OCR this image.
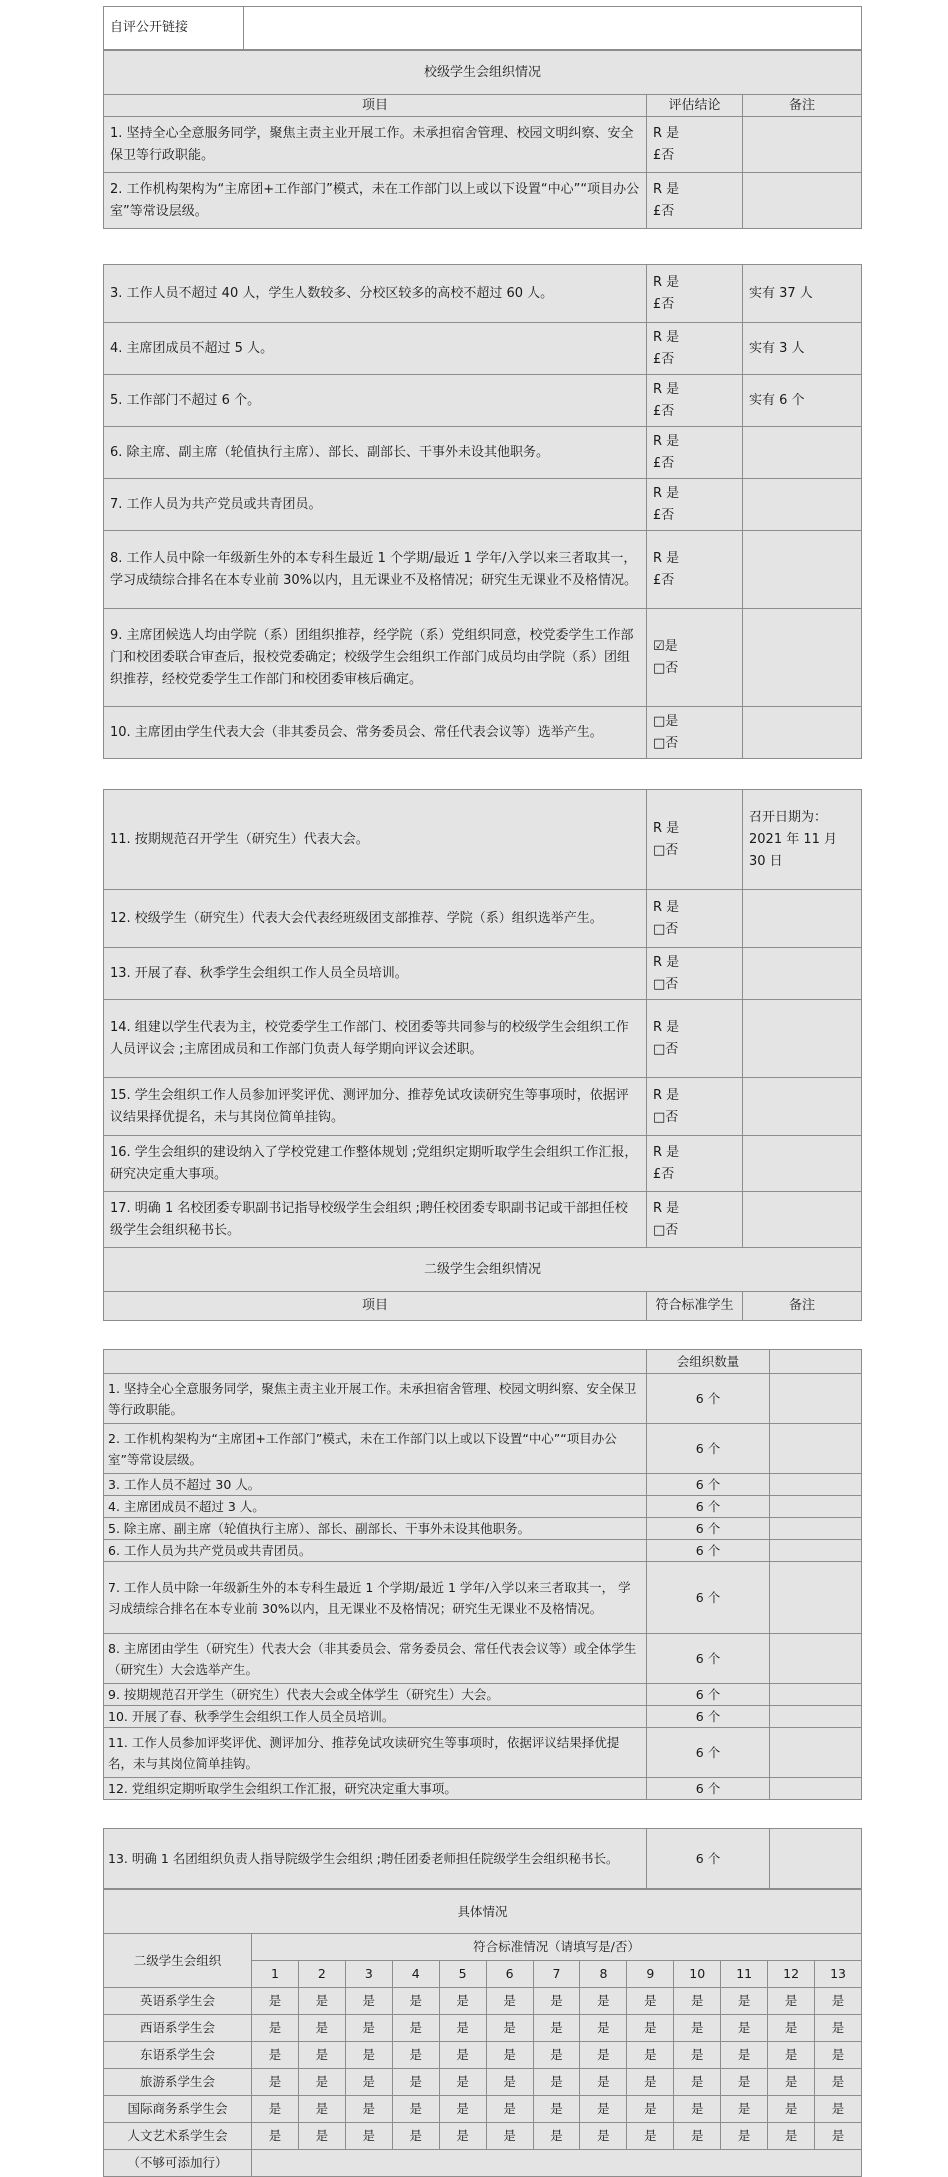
自评公开链接	
校级学生会组织情况		
项目	评估结论	备注
1. 坚持全心全意服务同学，聚焦主责主业开展工作。未承担宿舍管理、校园文明纠察、安全保卫等行政职能。	R 是
£否	

2. 工作机构架构为“主席团+工作部门”模式，未在工作部门以上或以下设置“中心”“项目办公室”等常设层级。	R 是
£否	

3. 工作人员不超过 40 人，学生人数较多、分校区较多的高校不超过 60 人。	R 是
£否	实有 37 人
4. 主席团成员不超过 5 人。	R 是
£否	实有 3 人
5. 工作部门不超过 6 个。	R 是
£否	实有 6 个
6. 除主席、副主席（轮值执行主席）、部长、副部长、干事外未设其他职务。	R 是
£否	

7. 工作人员为共产党员或共青团员。	R 是
£否	

8. 工作人员中除一年级新生外的本专科生最近 1 个学期/最近 1 学年/入学以来三者取其一， 学习成绩综合排名在本专业前 30%以内，且无课业不及格情况；研究生无课业不及格情况。	R 是
£否	

9. 主席团候选人均由学院（系）团组织推荐，经学院（系）党组织同意，校党委学生工作部门和校团委联合审查后，报校党委确定；校级学生会组织工作部门成员均由学院（系）团组织推荐，经校党委学生工作部门和校团委审核后确定。	☑是
□否	

10. 主席团由学生代表大会（非其委员会、常务委员会、常任代表会议等）选举产生。	□是
□否	

11. 按期规范召开学生（研究生）代表大会。	R 是
□否	召开日期为：2021 年 11 月 30 日
12. 校级学生（研究生）代表大会代表经班级团支部推荐、学院（系）组织选举产生。	R 是
□否	

13. 开展了春、秋季学生会组织工作人员全员培训。	R 是
□否	

14. 组建以学生代表为主，校党委学生工作部门、校团委等共同参与的校级学生会组织工作人员评议会 ;主席团成员和工作部门负责人每学期向评议会述职。	R 是
□否	

15. 学生会组织工作人员参加评奖评优、测评加分、推荐免试攻读研究生等事项时，依据评议结果择优提名，未与其岗位简单挂钩。	R 是
□否	

16. 学生会组织的建设纳入了学校党建工作整体规划 ;党组织定期听取学生会组织工作汇报，研究决定重大事项。	R 是
£否	

17. 明确 1 名校团委专职副书记指导校级学生会组织 ;聘任校团委专职副书记或干部担任校级学生会组织秘书长。	R 是
□否	

二级学生会组织情况		
项目	符合标准学生	备注
	会组织数量	
1. 坚持全心全意服务同学，聚焦主责主业开展工作。未承担宿舍管理、校园文明纠察、安全保卫等行政职能。	6 个	
2. 工作机构架构为“主席团+工作部门”模式，未在工作部门以上或以下设置“中心”“项目办公室”等常设层级。	6 个	
3. 工作人员不超过 30 人。	6 个	
4. 主席团成员不超过 3 人。	6 个	
5. 除主席、副主席（轮值执行主席）、部长、副部长、干事外未设其他职务。	6 个	
6. 工作人员为共产党员或共青团员。	6 个	
7. 工作人员中除一年级新生外的本专科生最近 1 个学期/最近 1 学年/入学以来三者取其一， 学习成绩综合排名在本专业前 30%以内，且无课业不及格情况；研究生无课业不及格情况。	6 个	
8. 主席团由学生（研究生）代表大会（非其委员会、常务委员会、常任代表会议等）或全体学生（研究生）大会选举产生。	6 个	
9. 按期规范召开学生（研究生）代表大会或全体学生（研究生）大会。	6 个	
10. 开展了春、秋季学生会组织工作人员全员培训。	6 个	
11. 工作人员参加评奖评优、测评加分、推荐免试攻读研究生等事项时，依据评议结果择优提名，未与其岗位简单挂钩。	6 个	
12. 党组织定期听取学生会组织工作汇报，研究决定重大事项。	6 个	
13. 明确 1 名团组织负责人指导院级学生会组织 ;聘任团委老师担任院级学生会组织秘书长。	6 个	
具体情况													
二级学生会组织	符合标准情况（请填写是/否）												
	1	2	3	4	5	6	7	8	9	10	11	12	13
英语系学生会	是	是	是	是	是	是	是	是	是	是	是	是	是
西语系学生会	是	是	是	是	是	是	是	是	是	是	是	是	是
东语系学生会	是	是	是	是	是	是	是	是	是	是	是	是	是
旅游系学生会	是	是	是	是	是	是	是	是	是	是	是	是	是
国际商务系学生会	是	是	是	是	是	是	是	是	是	是	是	是	是
人文艺术系学生会	是	是	是	是	是	是	是	是	是	是	是	是	是
（不够可添加行）													
